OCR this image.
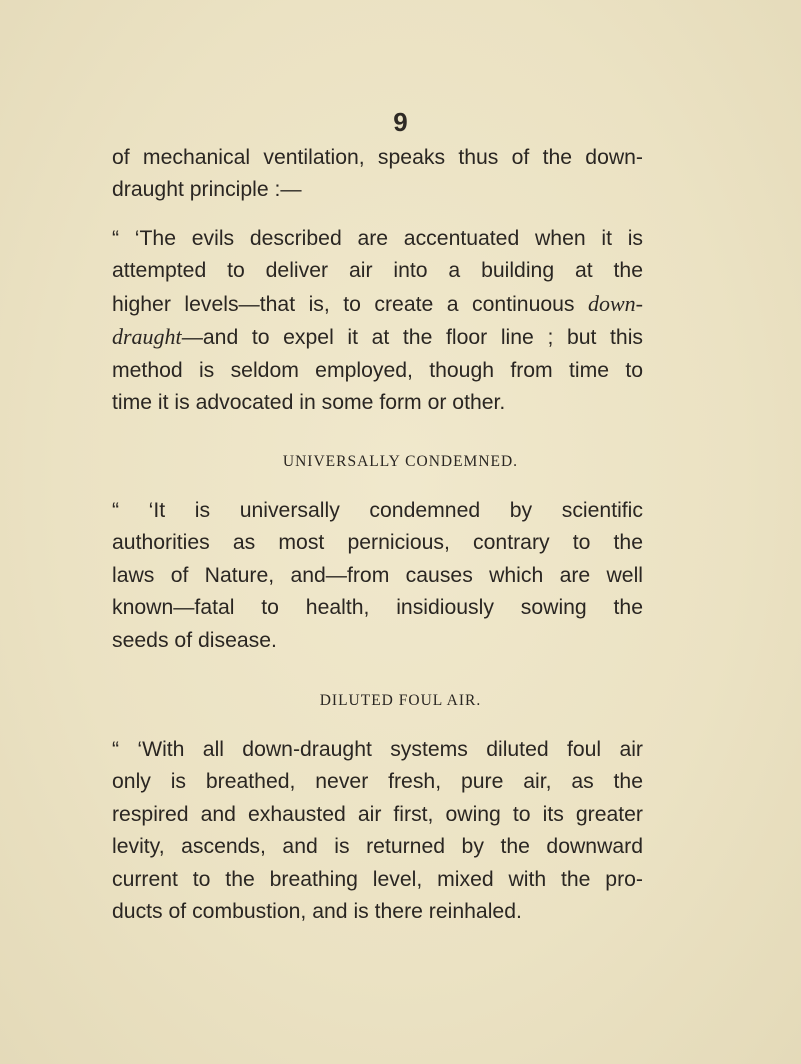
9

of mechanical ventilation, speaks thus of the down-
draught principle :—

“ ‘The evils described are accentuated when it is
attempted to deliver air into a building at the
higher levels—that is, to create a continuous down-
draught—and to expel it at the floor line ; but this
method is seldom employed, though from time to
time it is advocated in some form or other.

UNIVERSALLY CONDEMNED.

“ ‘It is universally condemned by scientific
authorities as most pernicious, contrary to the
laws of Nature, and—from causes which are well
known—fatal to health, insidiously sowing the
seeds of disease.

DILUTED FOUL AIR.

“ ‘With all down-draught systems diluted foul air
only is breathed, never fresh, pure air, as the
respired and exhausted air first, owing to its greater
levity, ascends, and is returned by the downward
current to the breathing level, mixed with the pro-
ducts of combustion, and is there reinhaled.
